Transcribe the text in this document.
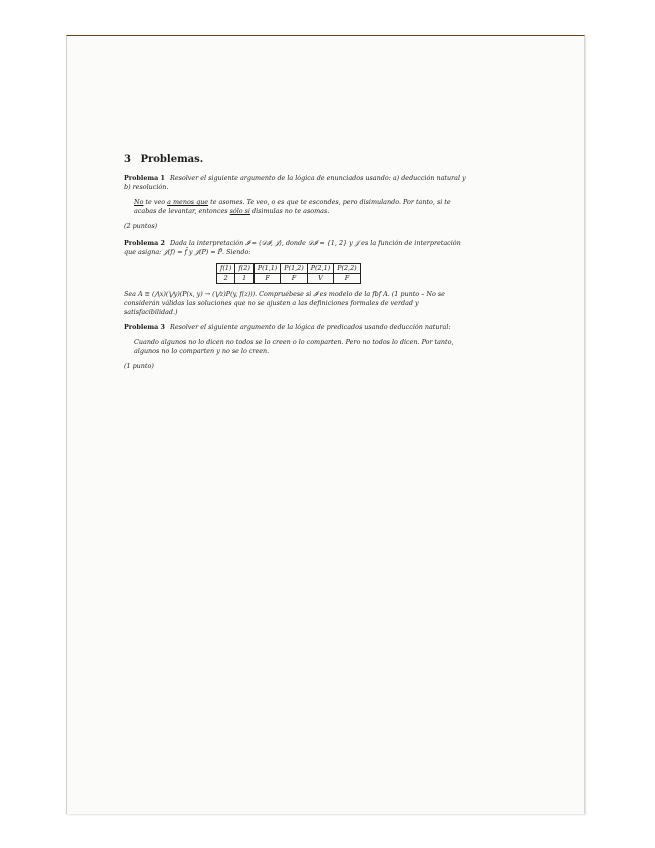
3 Problemas.

Problema 1 Resolver el siguiente argumento de la lógica de enunciados usando: a) deducción natural y b) resolución.

No te veo a menos que te asomes. Te veo, o es que te escondes, pero disimulando. Por tanto, si te acabas de levantar, entonces sólo si disimulas no te asomas.

(2 puntos)

Problema 2 Dada la interpretación 𝓘 = ⟨𝒟𝓘, 𝒥⟩, donde 𝒟𝓘 = {1, 2} y 𝒥 es la función de interpretación que asigna: 𝒥(f) = f̄ y 𝒥(P) = P̄. Siendo:

f(1)	f(2)	P(1,1)	P(1,2)	P(2,1)	P(2,2)
2	1	F	F	V	F

Sea A ≡ (⋀x)(⋁y)(P(x, y) → (⋁z)P(y, f(z))). Compruébese si 𝓘 es modelo de la fbf A. (1 punto – No se considerán válidas las soluciones que no se ajusten a las definiciones formales de verdad y satisfacibilidad.)

Problema 3 Resolver el siguiente argumento de la lógica de predicados usando deducción natural:

Cuando algunos no lo dicen no todos se lo creen o lo comparten. Pero no todos lo dicen. Por tanto, algunos no lo comparten y no se lo creen.

(1 punto)
